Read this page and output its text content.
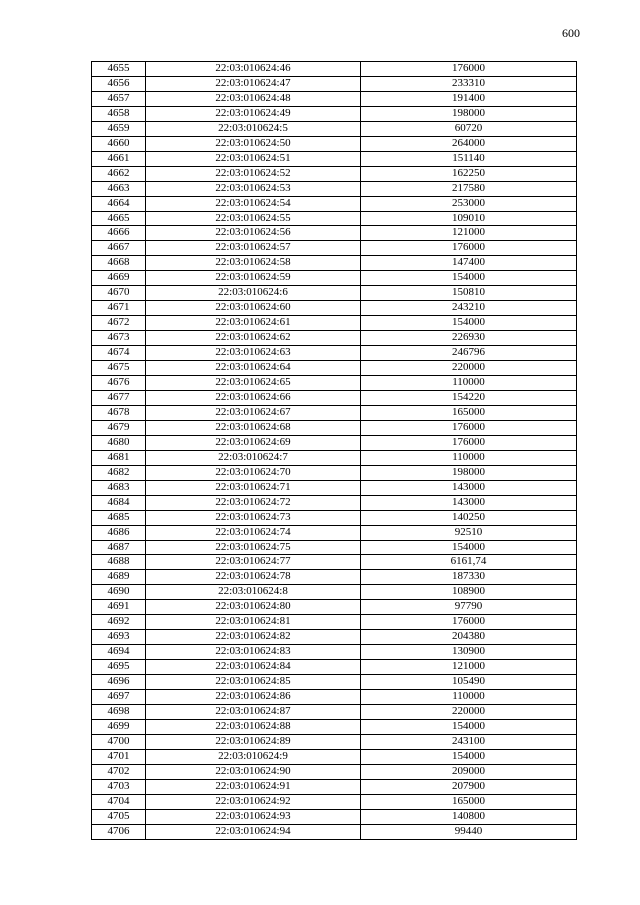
600
4655	22:03:010624:46	176000
4656	22:03:010624:47	233310
4657	22:03:010624:48	191400
4658	22:03:010624:49	198000
4659	22:03:010624:5	60720
4660	22:03:010624:50	264000
4661	22:03:010624:51	151140
4662	22:03:010624:52	162250
4663	22:03:010624:53	217580
4664	22:03:010624:54	253000
4665	22:03:010624:55	109010
4666	22:03:010624:56	121000
4667	22:03:010624:57	176000
4668	22:03:010624:58	147400
4669	22:03:010624:59	154000
4670	22:03:010624:6	150810
4671	22:03:010624:60	243210
4672	22:03:010624:61	154000
4673	22:03:010624:62	226930
4674	22:03:010624:63	246796
4675	22:03:010624:64	220000
4676	22:03:010624:65	110000
4677	22:03:010624:66	154220
4678	22:03:010624:67	165000
4679	22:03:010624:68	176000
4680	22:03:010624:69	176000
4681	22:03:010624:7	110000
4682	22:03:010624:70	198000
4683	22:03:010624:71	143000
4684	22:03:010624:72	143000
4685	22:03:010624:73	140250
4686	22:03:010624:74	92510
4687	22:03:010624:75	154000
4688	22:03:010624:77	6161,74
4689	22:03:010624:78	187330
4690	22:03:010624:8	108900
4691	22:03:010624:80	97790
4692	22:03:010624:81	176000
4693	22:03:010624:82	204380
4694	22:03:010624:83	130900
4695	22:03:010624:84	121000
4696	22:03:010624:85	105490
4697	22:03:010624:86	110000
4698	22:03:010624:87	220000
4699	22:03:010624:88	154000
4700	22:03:010624:89	243100
4701	22:03:010624:9	154000
4702	22:03:010624:90	209000
4703	22:03:010624:91	207900
4704	22:03:010624:92	165000
4705	22:03:010624:93	140800
4706	22:03:010624:94	99440
